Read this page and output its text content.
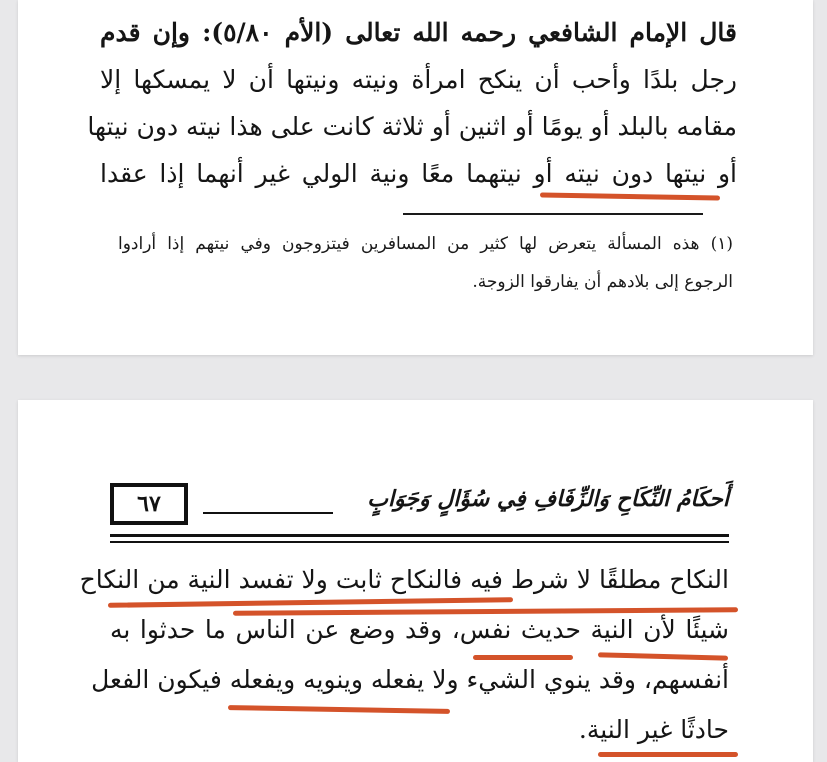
قال الإمام الشافعي رحمه الله تعالى (الأم ٥/٨٠): وإن قدم
رجل بلدًا وأحب أن ينكح امرأة ونيته ونيتها أن لا يمسكها إلا
مقامه بالبلد أو يومًا أو اثنين أو ثلاثة كانت على هذا نيته دون نيتها
أو نيتها دون نيته أو نيتهما معًا ونية الولي غير أنهما إذا عقدا
(١) هذه المسألة يتعرض لها كثير من المسافرين فيتزوجون وفي نيتهم إذا أرادوا
الرجوع إلى بلادهم أن يفارقوا الزوجة.
٦٧	أَحكَامُ النِّكَاحِ وَالزِّفَافِ فِي سُؤَالٍ وَجَوَابٍ
النكاح مطلقًا لا شرط فيه فالنكاح ثابت ولا تفسد النية من النكاح
شيئًا لأن النية حديث نفس، وقد وضع عن الناس ما حدثوا به
أنفسهم، وقد ينوي الشيء ولا يفعله وينويه ويفعله فيكون الفعل
حادثًا غير النية.
